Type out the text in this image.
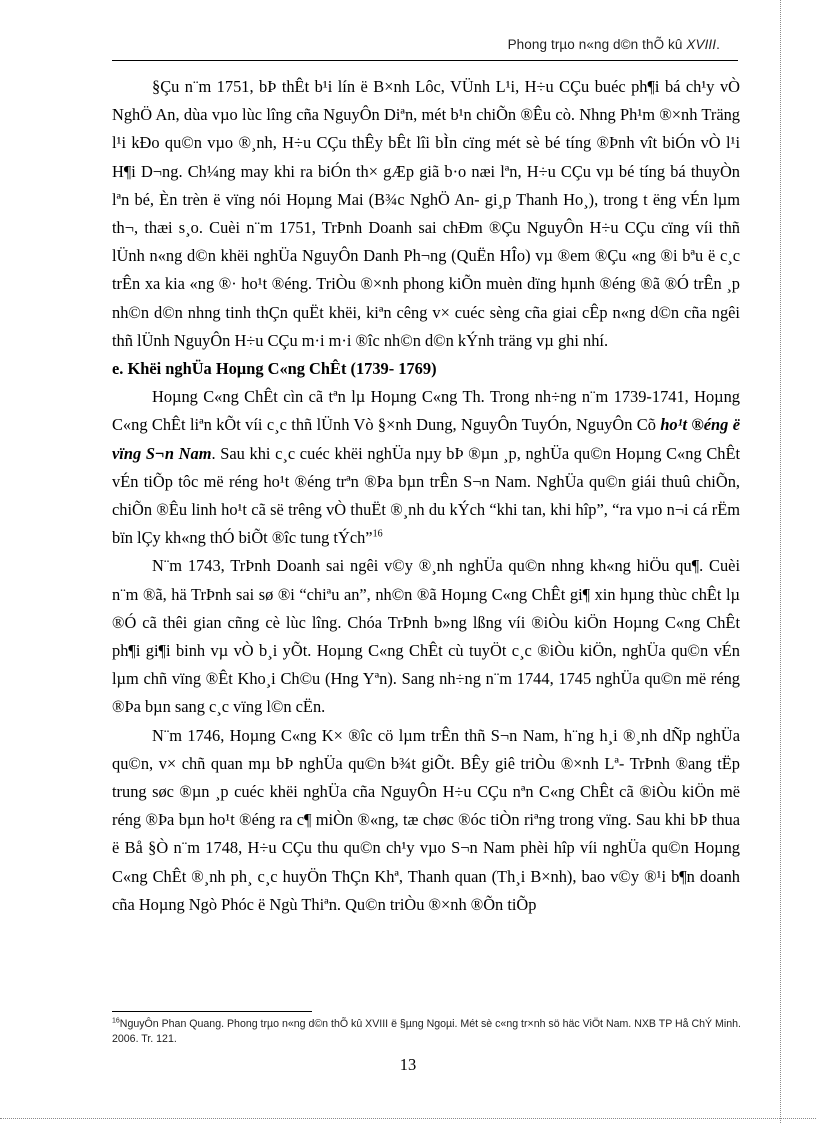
Phong trµo n«ng d©n thÕ kû XVIII.

§Çu n¨m 1751, bÞ thÊt b¹i lín ë B×nh Lôc, VÜnh L¹i, H÷u CÇu buéc ph¶i bá ch¹y vÒ NghÖ An, dùa vµo lùc lîng cña NguyÔn Diªn, mét b¹n chiÕn ®Êu cò. Nhng Ph¹m ®×nh Träng l¹i kÐo qu©n vµo ®¸nh, H÷u CÇu thÊy bÊt lîi bÌn cïng mét sè bé tíng ®Þnh vît biÓn vÒ l¹i H¶i D¬ng. Ch¼ng may khi ra biÓn th× gÆp giã b·o næi lªn, H÷u CÇu vµ bé tíng bá thuyÒn lªn bé, Èn trèn ë vïng nói Hoµng Mai (B¾c NghÖ An- gi¸p Thanh Ho¸), trong t ëng vÉn lµm th¬, thæi s¸o. Cuèi n¨m 1751, TrÞnh Doanh sai chÐm ®Çu NguyÔn H÷u CÇu cïng víi thñ lÜnh n«ng d©n khëi nghÜa NguyÔn Danh Ph¬ng (QuËn HÎo) vµ ®em ®Çu «ng ®i bªu ë c¸c trÊn xa kia «ng ®· ho¹t ®éng. TriÒu ®×nh phong kiÕn muèn dïng hµnh ®éng ®ã ®Ó trÊn ¸p nh©n d©n nhng tinh thÇn quËt khëi, kiªn cêng v× cuéc sèng cña giai cÊp n«ng d©n cña ngêi thñ lÜnh NguyÔn H÷u CÇu m·i m·i ®îc nh©n d©n kÝnh träng vµ ghi nhí.

e. Khëi nghÜa Hoµng C«ng ChÊt (1739- 1769)

Hoµng C«ng ChÊt cìn cã tªn lµ Hoµng C«ng Th. Trong nh÷ng n¨m 1739-1741, Hoµng C«ng ChÊt liªn kÕt víi c¸c thñ lÜnh Vò §×nh Dung, NguyÔn TuyÓn, NguyÔn Cõ ho¹t ®éng ë vïng S¬n Nam. Sau khi c¸c cuéc khëi nghÜa nµy bÞ ®µn ¸p, nghÜa qu©n Hoµng C«ng ChÊt vÉn tiÕp tôc më réng ho¹t ®éng trªn ®Þa bµn trÊn S¬n Nam. NghÜa qu©n giái thuû chiÕn, chiÕn ®Êu linh ho¹t cã së trêng vÒ thuËt ®¸nh du kÝch “khi tan, khi hîp”, “ra vµo n¬i cá rËm bïn lÇy kh«ng thÓ biÕt ®îc tung tÝch”$^{16}$

N¨m 1743, TrÞnh Doanh sai ngêi v©y ®¸nh nghÜa qu©n nhng kh«ng hiÖu qu¶. Cuèi n¨m ®ã, hä TrÞnh sai sø ®i “chiªu an”, nh©n ®ã Hoµng C«ng ChÊt gi¶ xin hµng thùc chÊt lµ ®Ó cã thêi gian cñng cè lùc lîng. Chóa TrÞnh b»ng lßng víi ®iÒu kiÖn Hoµng C«ng ChÊt ph¶i gi¶i binh vµ vÒ b¸i yÕt. Hoµng C«ng ChÊt cù tuyÖt c¸c ®iÒu kiÖn, nghÜa qu©n vÉn lµm chñ vïng ®Êt Kho¸i Ch©u (Hng Yªn). Sang nh÷ng n¨m 1744, 1745 nghÜa qu©n më réng ®Þa bµn sang c¸c vïng l©n cËn.

N¨m 1746, Hoµng C«ng K× ®îc cö lµm trÊn thñ S¬n Nam, h¨ng h¸i ®¸nh dÑp nghÜa qu©n, v× chñ quan mµ bÞ nghÜa qu©n b¾t giÕt. BÊy giê triÒu ®×nh Lª- TrÞnh ®ang tËp trung søc ®µn ¸p cuéc khëi nghÜa cña NguyÔn H÷u CÇu nªn C«ng ChÊt cã ®iÒu kiÖn më réng ®Þa bµn ho¹t ®éng ra c¶ miÒn ®«ng, tæ chøc ®óc tiÒn riªng trong vïng. Sau khi bÞ thua ë Bå §Ò n¨m 1748, H÷u CÇu thu qu©n ch¹y vµo S¬n Nam phèi hîp víi nghÜa qu©n Hoµng C«ng ChÊt ®¸nh ph¸ c¸c huyÖn ThÇn Khª, Thanh quan (Th¸i B×nh), bao v©y ®¹i b¶n doanh cña Hoµng Ngò Phóc ë Ngù Thiªn. Qu©n triÒu ®×nh ®Õn tiÕp

$^{16}$NguyÔn Phan Quang. Phong trµo n«ng d©n thÕ kû XVIII ë §µng Ngoµi. Mét sè c«ng tr×nh sö häc ViÖt Nam. NXB TP Hå ChÝ Minh. 2006. Tr. 121.
13
